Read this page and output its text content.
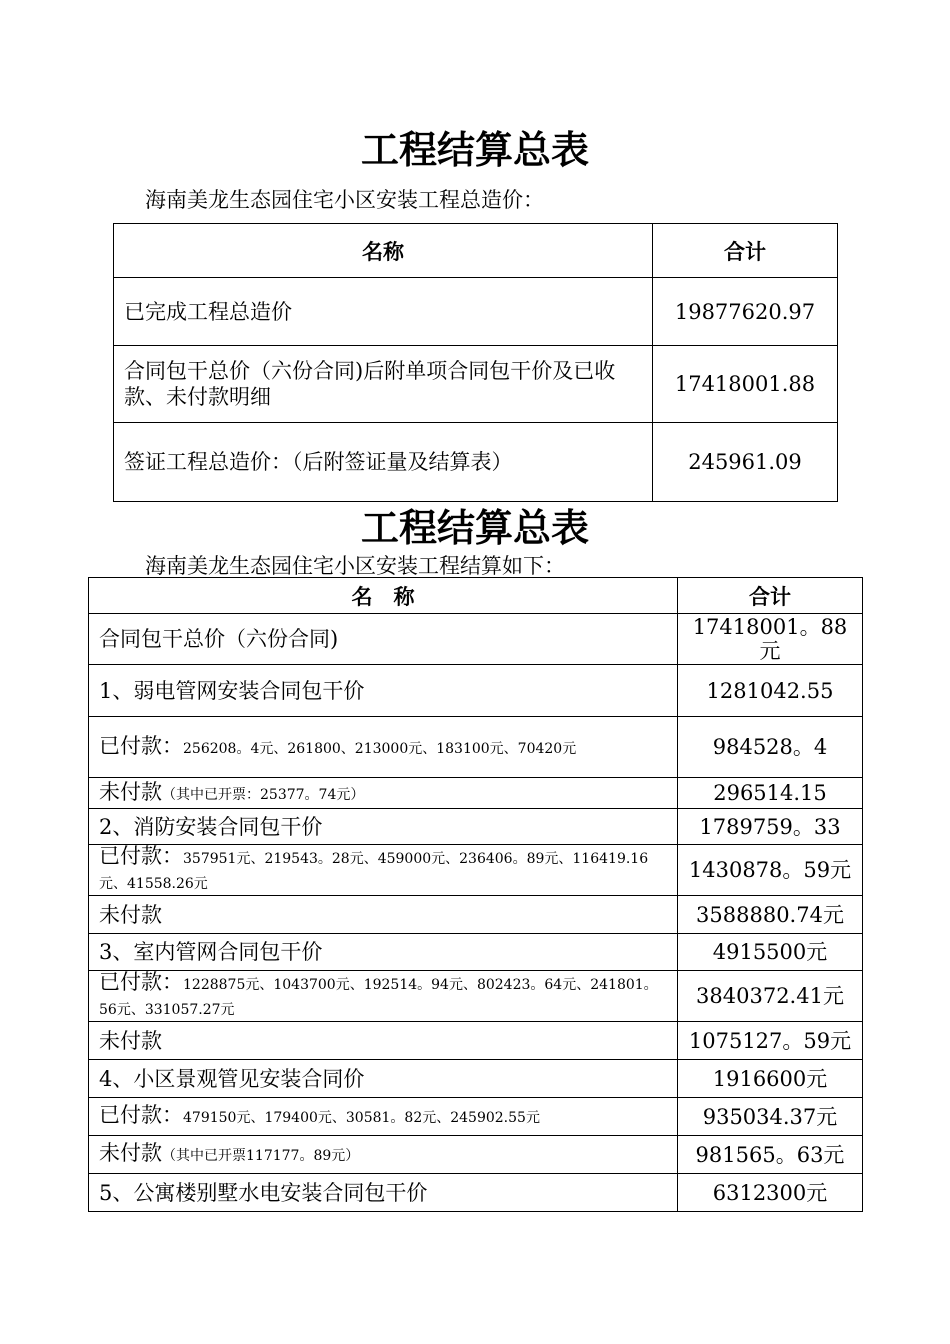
工程结算总表
海南美龙生态园住宅小区安装工程总造价：
名称	合计
已完成工程总造价	19877620.97
合同包干总价（六份合同)后附单项合同包干价及已收款、未付款明细	17418001.88
签证工程总造价：（后附签证量及结算表）	245961.09
工程结算总表
海南美龙生态园住宅小区安装工程结算如下：
名　称	合计
合同包干总价（六份合同)	17418001。88元
1、弱电管网安装合同包干价	1281042.55
已付款：256208。4元、261800、213000元、183100元、70420元	984528。4
未付款（其中已开票：25377。74元）	296514.15
2、消防安装合同包干价	1789759。33
已付款：357951元、219543。28元、459000元、236406。89元、116419.16元、41558.26元	1430878。59元
未付款	3588880.74元
3、室内管网合同包干价	4915500元
已付款：1228875元、1043700元、192514。94元、802423。64元、241801。56元、331057.27元	3840372.41元
未付款	1075127。59元
4、小区景观管见安装合同价	1916600元
已付款：479150元、179400元、30581。82元、245902.55元	935034.37元
未付款（其中已开票117177。89元）	981565。63元
5、公寓楼别墅水电安装合同包干价	6312300元
